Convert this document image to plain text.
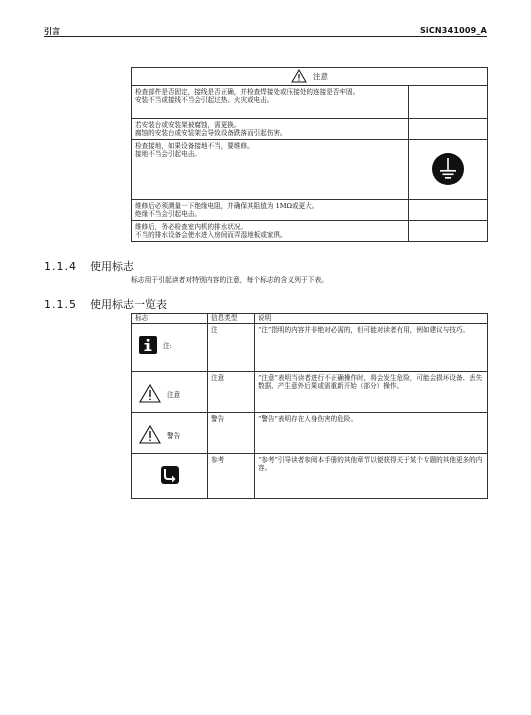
引言	SiCN341009_A
注意	
检查部件是否固定，接线是否正确，并检查焊接处或压接处的连接是否牢固。
安装不当或接线不当会引起过热、火灾或电击。	
若安装台或安装架被腐蚀，需更换。
腐蚀的安装台或安装架会导致设备跌落而引起伤害。	
检查接地，如果设备接地不当，要维修。
接地不当会引起电击。	
维修后必须测量一下绝缘电阻，并确保其阻值为 1MΩ或更大。
绝缘不当会引起电击。	
维修后，务必检查室内机的排水状况。
不当的排水设备会使水进入房间而弄湿地板或家俱。	
1.1.4 使用标志
标志用于引起读者对特别内容的注意，每个标志的含义列于下表。
1.1.5 使用标志一览表
标志	信息类型	说明

注:	注	“注”指明的内容并非绝对必需的，但可能对读者有用，例如建议与技巧。

注意	注意	“注意”表明当读者进行不正确操作时，将会发生危险，可能会损坏设备、丢失数据、产生意外后果或需重新开始（部分）操作。

警告	警告	“警告”表明存在人身伤害的危险。

	参考	“参考”引导读者参阅本手册的其他章节以便获得关于某个专题的其他更多的内容。
